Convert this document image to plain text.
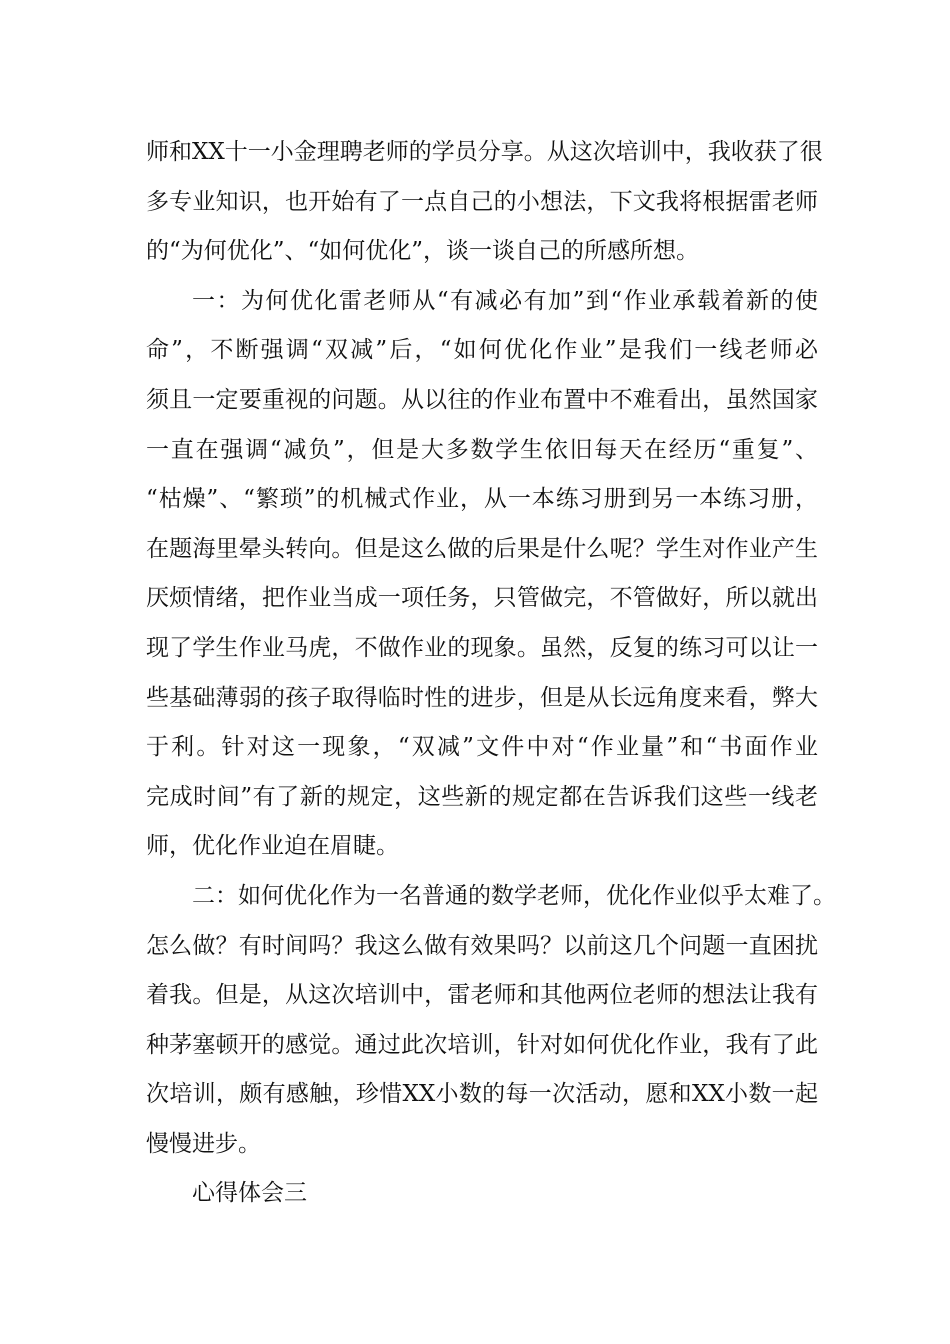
师和XX十一小金理聘老师的学员分享。从这次培训中，我收获了很
多专业知识，也开始有了一点自己的小想法，下文我将根据雷老师
的“为何优化”、“如何优化”，谈一谈自己的所感所想。
一：为何优化雷老师从“有减必有加”到“作业承载着新的使
命”，不断强调“双减”后，“如何优化作业”是我们一线老师必
须且一定要重视的问题。从以往的作业布置中不难看出，虽然国家
一直在强调“减负”，但是大多数学生依旧每天在经历“重复”、
“枯燥”、“繁琐”的机械式作业，从一本练习册到另一本练习册，
在题海里晕头转向。但是这么做的后果是什么呢？学生对作业产生
厌烦情绪，把作业当成一项任务，只管做完，不管做好，所以就出
现了学生作业马虎，不做作业的现象。虽然，反复的练习可以让一
些基础薄弱的孩子取得临时性的进步，但是从长远角度来看，弊大
于利。针对这一现象，“双减”文件中对“作业量”和“书面作业
完成时间”有了新的规定，这些新的规定都在告诉我们这些一线老
师，优化作业迫在眉睫。
二：如何优化作为一名普通的数学老师，优化作业似乎太难了。
怎么做？有时间吗？我这么做有效果吗？以前这几个问题一直困扰
着我。但是，从这次培训中，雷老师和其他两位老师的想法让我有
种茅塞顿开的感觉。通过此次培训，针对如何优化作业，我有了此
次培训，颇有感触，珍惜XX小数的每一次活动，愿和XX小数一起
慢慢进步。
心得体会三
